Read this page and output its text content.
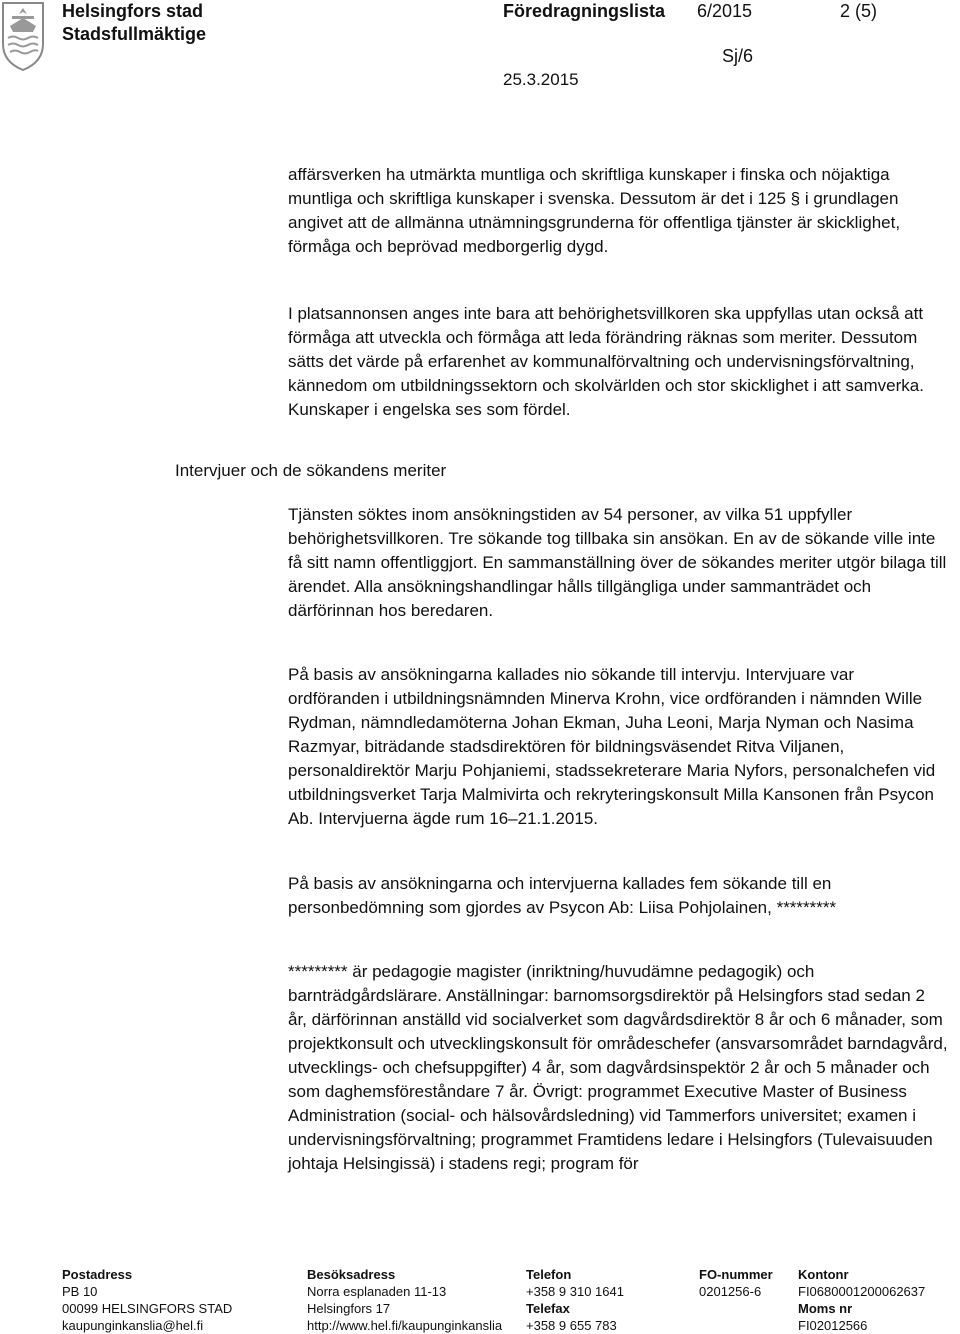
Helsingfors stad
Stadsfullmäktige
Föredragningslista 6/2015	2 (5)
Sj/6
25.3.2015

affärsverken ha utmärkta muntliga och skriftliga kunskaper i finska och nöjaktiga muntliga och skriftliga kunskaper i svenska. Dessutom är det i 125 § i grundlagen angivet att de allmänna utnämningsgrunderna för offentliga tjänster är skicklighet, förmåga och beprövad medborgerlig dygd.

I platsannonsen anges inte bara att behörighetsvillkoren ska uppfyllas utan också att förmåga att utveckla och förmåga att leda förändring räknas som meriter. Dessutom sätts det värde på erfarenhet av kommunalförvaltning och undervisningsförvaltning, kännedom om utbildningssektorn och skolvärlden och stor skicklighet i att samverka. Kunskaper i engelska ses som fördel.

Intervjuer och de sökandens meriter

Tjänsten söktes inom ansökningstiden av 54 personer, av vilka 51 uppfyller behörighetsvillkoren. Tre sökande tog tillbaka sin ansökan. En av de sökande ville inte få sitt namn offentliggjort. En sammanställning över de sökandes meriter utgör bilaga till ärendet. Alla ansökningshandlingar hålls tillgängliga under sammanträdet och därförinnan hos beredaren.

På basis av ansökningarna kallades nio sökande till intervju. Intervjuare var ordföranden i utbildningsnämnden Minerva Krohn, vice ordföranden i nämnden Wille Rydman, nämndledamöterna Johan Ekman, Juha Leoni, Marja Nyman och Nasima Razmyar, biträdande stadsdirektören för bildningsväsendet Ritva Viljanen, personaldirektör Marju Pohjaniemi, stadssekreterare Maria Nyfors, personalchefen vid utbildningsverket Tarja Malmivirta och rekryteringskonsult Milla Kansonen från Psycon Ab. Intervjuerna ägde rum 16–21.1.2015.

På basis av ansökningarna och intervjuerna kallades fem sökande till en personbedömning som gjordes av Psycon Ab: Liisa Pohjolainen, *********

********* är pedagogie magister (inriktning/huvudämne pedagogik) och barnträdgårdslärare. Anställningar: barnomsorgsdirektör på Helsingfors stad sedan 2 år, därförinnan anställd vid socialverket som dagvårdsdirektör 8 år och 6 månader, som projektkonsult och utvecklingskonsult för områdeschefer (ansvarsområdet barndagvård, utvecklings- och chefsuppgifter) 4 år, som dagvårdsinspektör 2 år och 5 månader och som daghemsföreståndare 7 år. Övrigt: programmet Executive Master of Business Administration (social- och hälsovårdsledning) vid Tammerfors universitet; examen i undervisningsförvaltning; programmet Framtidens ledare i Helsingfors (Tulevaisuuden johtaja Helsingissä) i stadens regi; program för

Postadress
PB 10
00099 HELSINGFORS STAD
kaupunginkanslia@hel.fi
Besöksadress
Norra esplanaden 11-13
Helsingfors 17
http://www.hel.fi/kaupunginkanslia
Telefon
+358 9 310 1641
Telefax
+358 9 655 783
FO-nummer
0201256-6
Kontonr
FI0680001200062637
Moms nr
FI02012566
